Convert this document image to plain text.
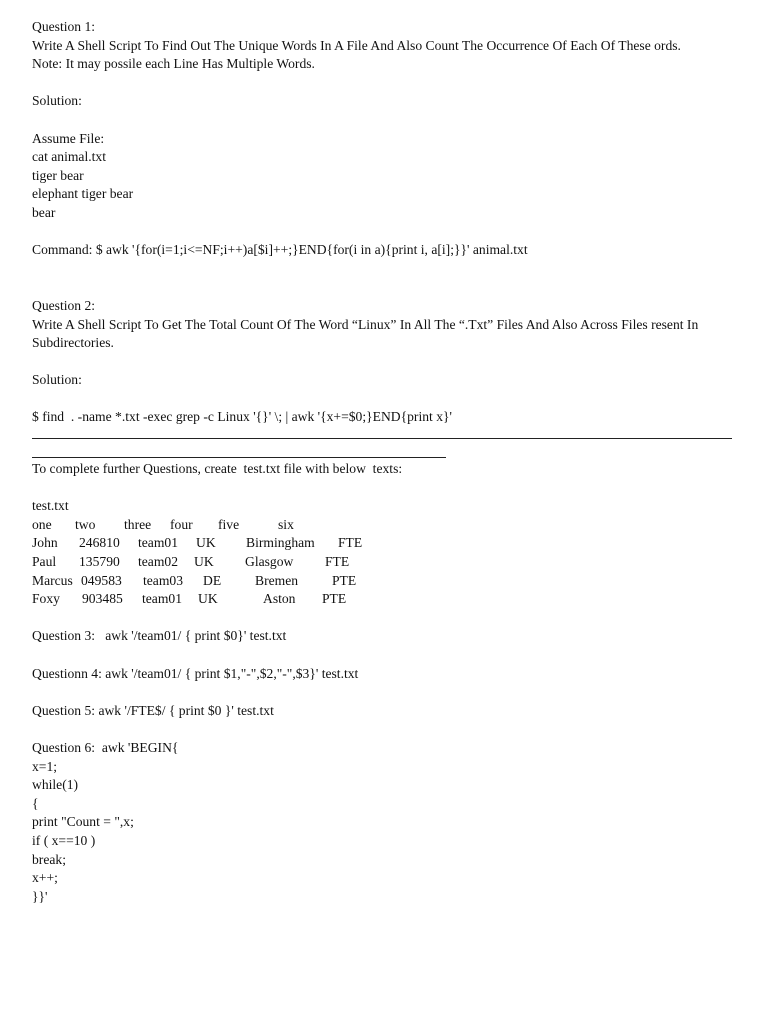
Question 1:
Write A Shell Script To Find Out The Unique Words In A File And Also Count The Occurrence Of Each Of These ords.
Note: It may possile each Line Has Multiple Words.
Solution:
Assume File:
cat animal.txt
tiger bear
elephant tiger bear
bear
Command: $ awk '{for(i=1;i<=NF;i++)a[$i]++;}END{for(i in a){print i, a[i];}}' animal.txt
Question 2:
Write A Shell Script To Get The Total Count Of The Word “Linux” In All The “.Txt” Files And Also Across Files resent In Subdirectories.
Solution:
$ find  . -name *.txt -exec grep -c Linux '{}' \; | awk '{x+=$0;}END{print x}'
To complete further Questions, create  test.txt file with below  texts:
test.txt
one two three four five	six
John 246810 team01 UK Birmingham FTE
Paul 135790 team02 UK Glasgow FTE
Marcus 049583 team03 DE Bremen PTE
Foxy 903485 team01 UK	Aston PTE
Question 3:   awk '/team01/ { print $0}' test.txt
Questionn 4: awk '/team01/ { print $1,"-",$2,"-",$3}' test.txt
Question 5: awk '/FTE$/ { print $0 }' test.txt
Question 6:  awk 'BEGIN{
x=1;
while(1)
{
print "Count = ",x;
if ( x==10 )
break;
x++;
}}'
